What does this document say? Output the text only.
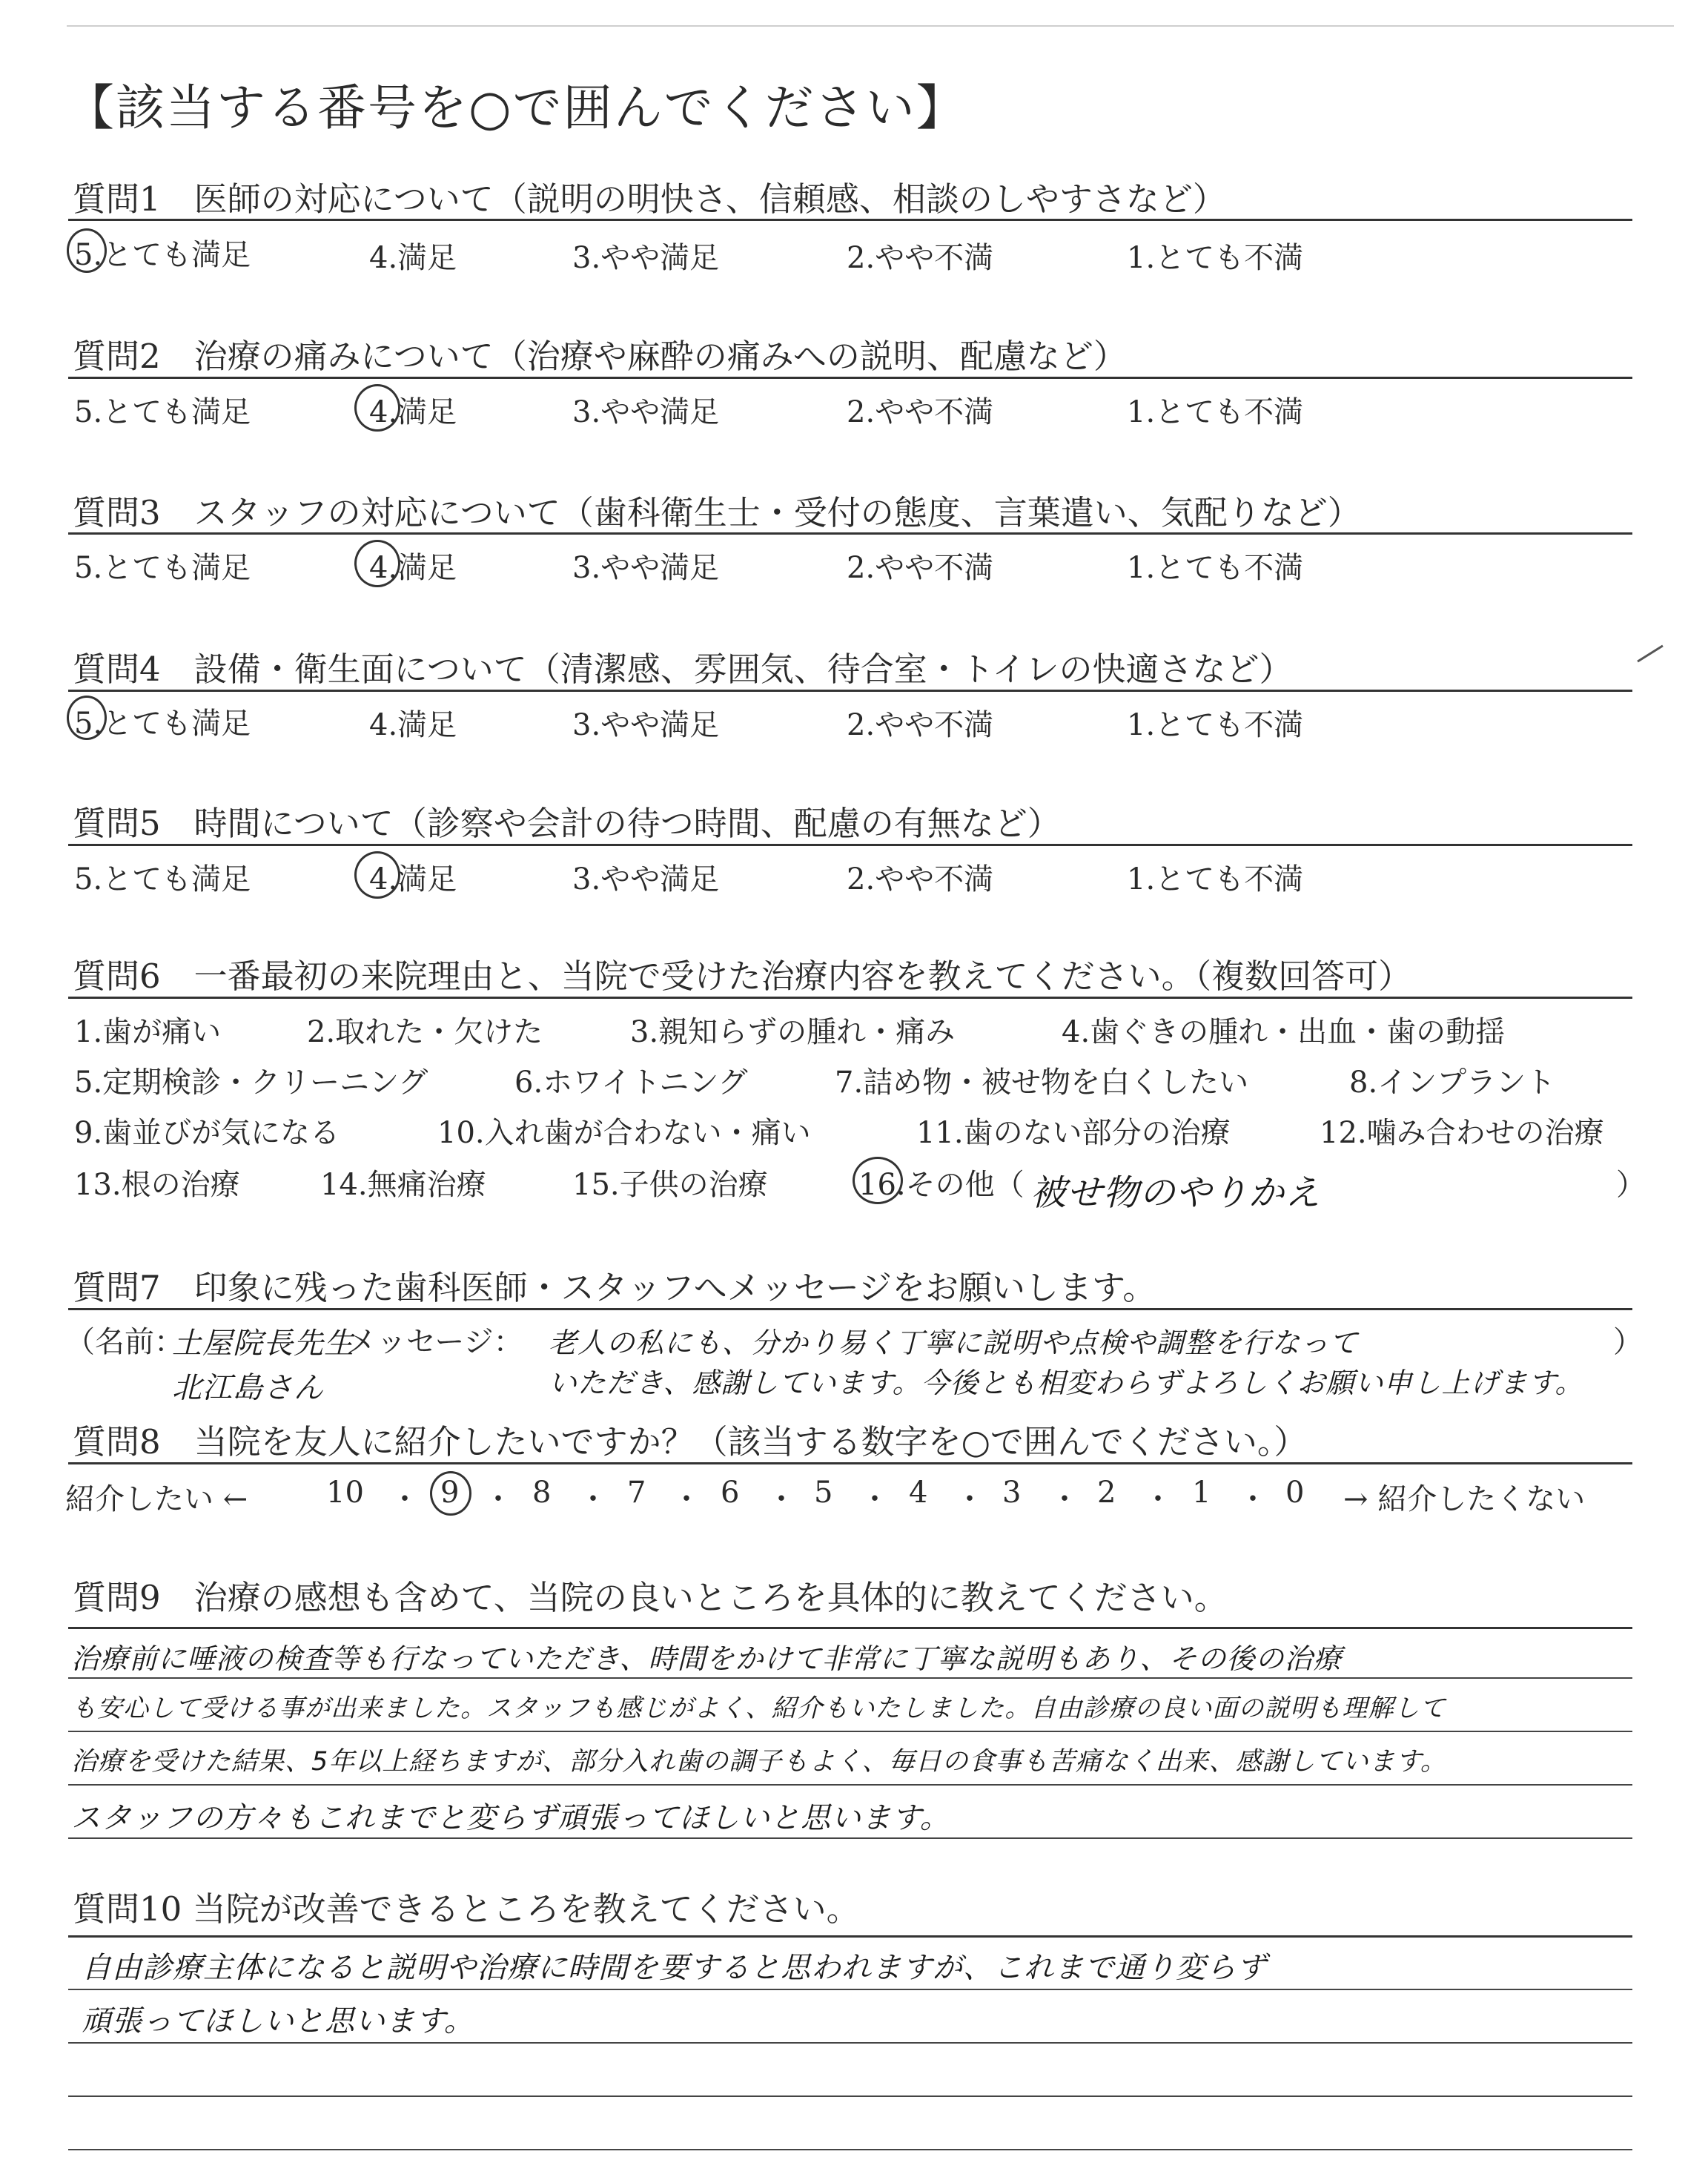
【該当する番号を○で囲んでください】
質問1　医師の対応について（説明の明快さ、信頼感、相談のしやすさなど）
5.とても満足	4.満足	3.やや満足	2.やや不満	1.とても不満
質問2　治療の痛みについて（治療や麻酔の痛みへの説明、配慮など）
5.とても満足	4.満足	3.やや満足	2.やや不満	1.とても不満
質問3　スタッフの対応について（歯科衛生士・受付の態度、言葉遣い、気配りなど）
5.とても満足	4.満足	3.やや満足	2.やや不満	1.とても不満
質問4　設備・衛生面について（清潔感、雰囲気、待合室・トイレの快適さなど）
5.とても満足	4.満足	3.やや満足	2.やや不満	1.とても不満
質問5　時間について（診察や会計の待つ時間、配慮の有無など）
5.とても満足	4.満足	3.やや満足	2.やや不満	1.とても不満
質問6　一番最初の来院理由と、当院で受けた治療内容を教えてください。（複数回答可）
1.歯が痛い	2.取れた・欠けた	3.親知らずの腫れ・痛み	4.歯ぐきの腫れ・出血・歯の動揺
5.定期検診・クリーニング	6.ホワイトニング	7.詰め物・被せ物を白くしたい	8.インプラント
9.歯並びが気になる	10.入れ歯が合わない・痛い	11.歯のない部分の治療	12.噛み合わせの治療
13.根の治療	14.無痛治療	15.子供の治療	16.その他（ 被せ物のやりかえ	）
質問7　印象に残った歯科医師・スタッフへメッセージをお願いします。
（名前：
土屋院長先生
北江島さん
メッセージ： 老人の私にも、分かり易く丁寧に説明や点検や調整を行なって	）
いただき、感謝しています。今後とも相変わらずよろしくお願い申し上げます。
質問8　当院を友人に紹介したいですか？（該当する数字を○で囲んでください。）
紹介したい ←	10 ・ 9 ・ 8 ・ 7 ・ 6 ・ 5 ・ 4 ・ 3 ・ 2 ・ 1 ・ 0 → 紹介したくない
質問9　治療の感想も含めて、当院の良いところを具体的に教えてください。
治療前に唾液の検査等も行なっていただき、時間をかけて非常に丁寧な説明もあり、その後の治療
も安心して受ける事が出来ました。スタッフも感じがよく、紹介もいたしました。自由診療の良い面の説明も理解して
治療を受けた結果、5年以上経ちますが、部分入れ歯の調子もよく、毎日の食事も苦痛なく出来、感謝しています。
スタッフの方々もこれまでと変らず頑張ってほしいと思います。
質問10 当院が改善できるところを教えてください。
自由診療主体になると説明や治療に時間を要すると思われますが、これまで通り変らず
頑張ってほしいと思います。
